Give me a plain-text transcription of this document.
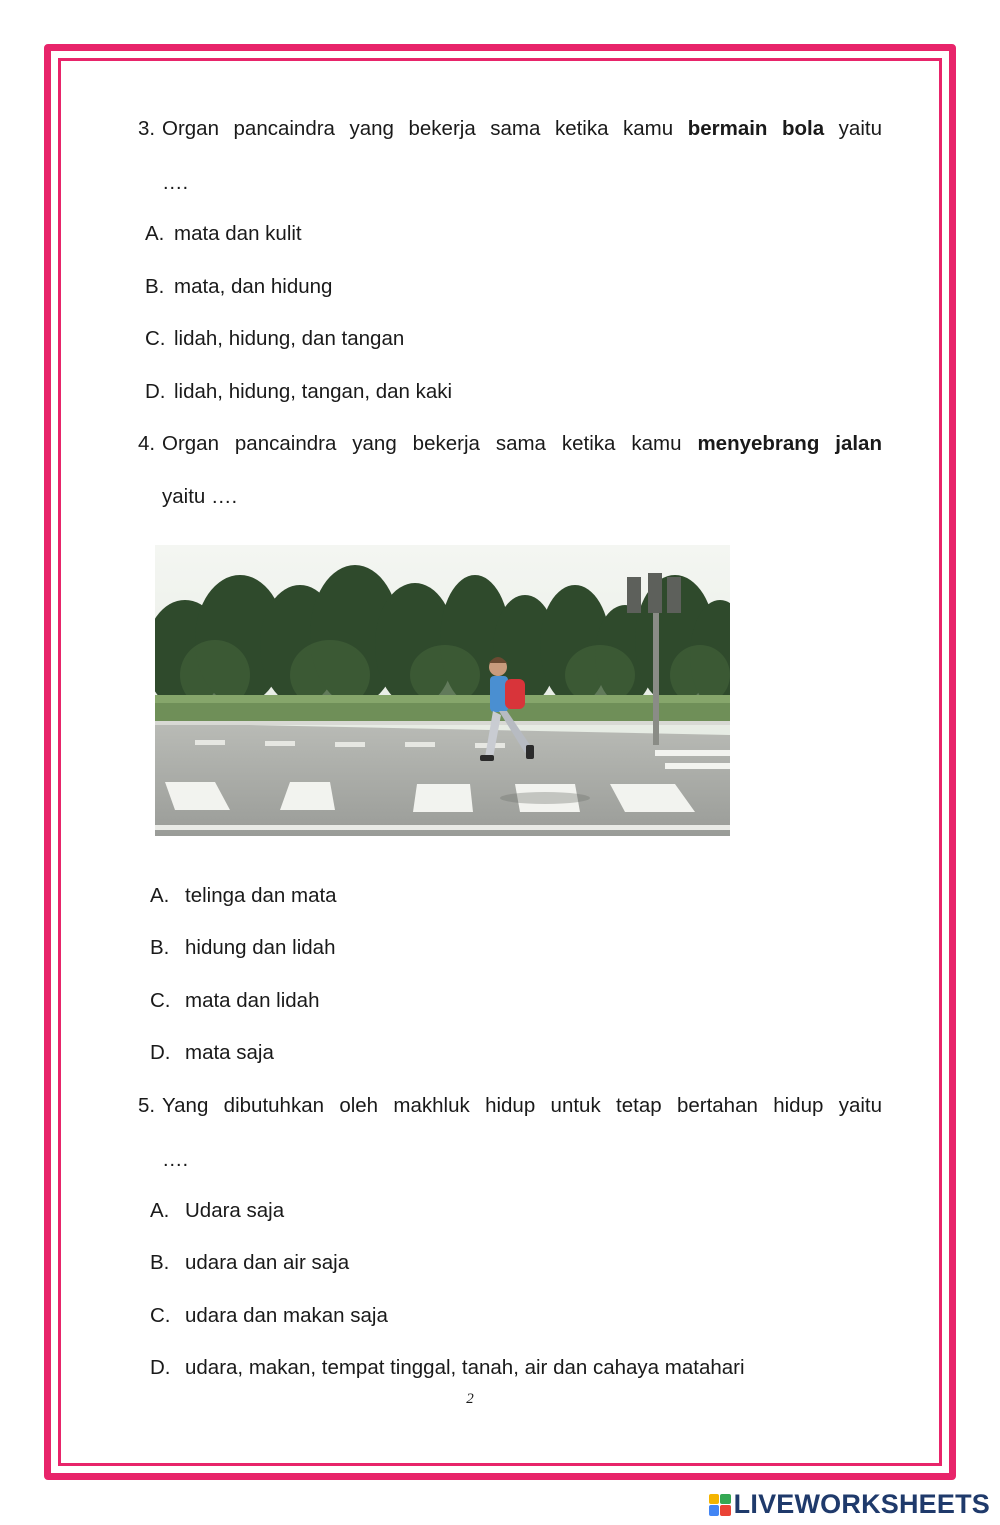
3. Organ pancaindra yang bekerja sama ketika kamu bermain bola yaitu
….
A. mata dan kulit
B. mata, dan hidung
C. lidah, hidung, dan tangan
D. lidah, hidung, tangan, dan kaki
4. Organ pancaindra yang bekerja sama ketika kamu menyebrang jalan
yaitu ….
A. telinga dan mata
B. hidung dan lidah
C. mata dan lidah
D. mata saja
5. Yang dibutuhkan oleh makhluk hidup untuk tetap bertahan hidup yaitu
….
A. Udara saja
B. udara dan air saja
C. udara dan makan saja
D. udara, makan, tempat tinggal, tanah, air dan cahaya matahari
2
LIVEWORKSHEETS
